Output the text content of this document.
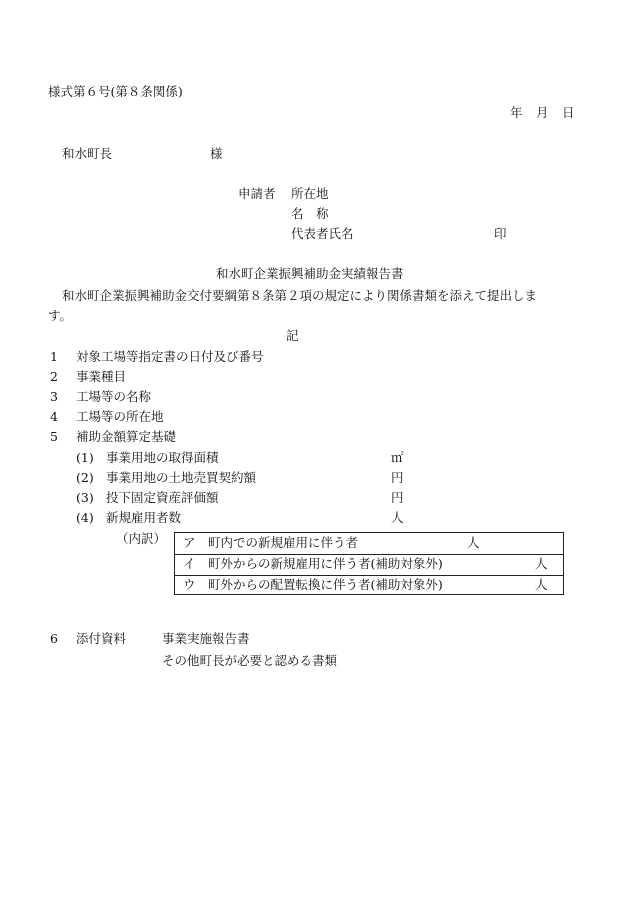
様式第６号(第８条関係)
年 月 日
和水町長	様
申請者 所在地
名　称
代表者氏名	印
和水町企業振興補助金実績報告書
和水町企業振興補助金交付要綱第８条第２項の規定により関係書類を添えて提出しま
す。
記
1 対象工場等指定書の日付及び番号
2 事業種目
3 工場等の名称
4 工場等の所在地
5 補助金額算定基礎
(1) 事業用地の取得面積	㎡
(2) 事業用地の土地売買契約額	円
(3) 投下固定資産評価額	円
(4) 新規雇用者数	人
（内訳） ア　町内での新規雇用に伴う者	人
イ　町外からの新規雇用に伴う者(補助対象外)	人
ウ　町外からの配置転換に伴う者(補助対象外)	人
6 添付資料	事業実施報告書
その他町長が必要と認める書類
